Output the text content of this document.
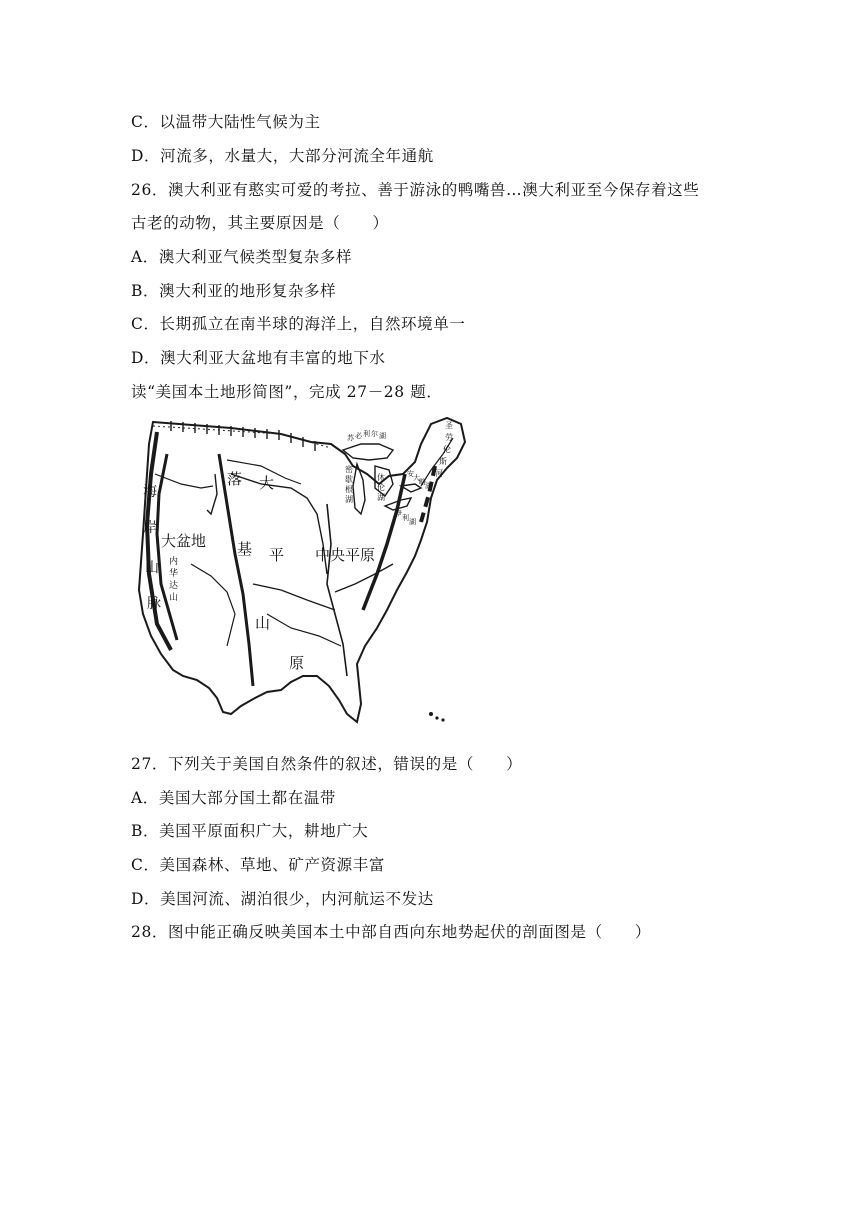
C．以温带大陆性气候为主
D．河流多，水量大，大部分河流全年通航
26．澳大利亚有憨实可爱的考拉、善于游泳的鸭嘴兽…澳大利亚至今保存着这些
古老的动物，其主要原因是（　　）
A．澳大利亚气候类型复杂多样
B．澳大利亚的地形复杂多样
C．长期孤立在南半球的海洋上，自然环境单一
D．澳大利亚大盆地有丰富的地下水
读“美国本土地形简图”，完成 27－28 题．
27．下列关于美国自然条件的叙述，错误的是（　　）
A．美国大部分国土都在温带
B．美国平原面积广大，耕地广大
C．美国森林、草地、矿产资源丰富
D．美国河流、湖泊很少，内河航运不发达
28．图中能正确反映美国本土中部自西向东地势起伏的剖面图是（　　）
海
岸
山
脉
大盆地
内
华
达
山
落
基
山
大
平
原
中央平原
苏 必 利 尔 湖
密
歇
根
湖
休
伦
湖
伊 利 湖
安 大 略 湖
圣
劳
伦
斯
河
